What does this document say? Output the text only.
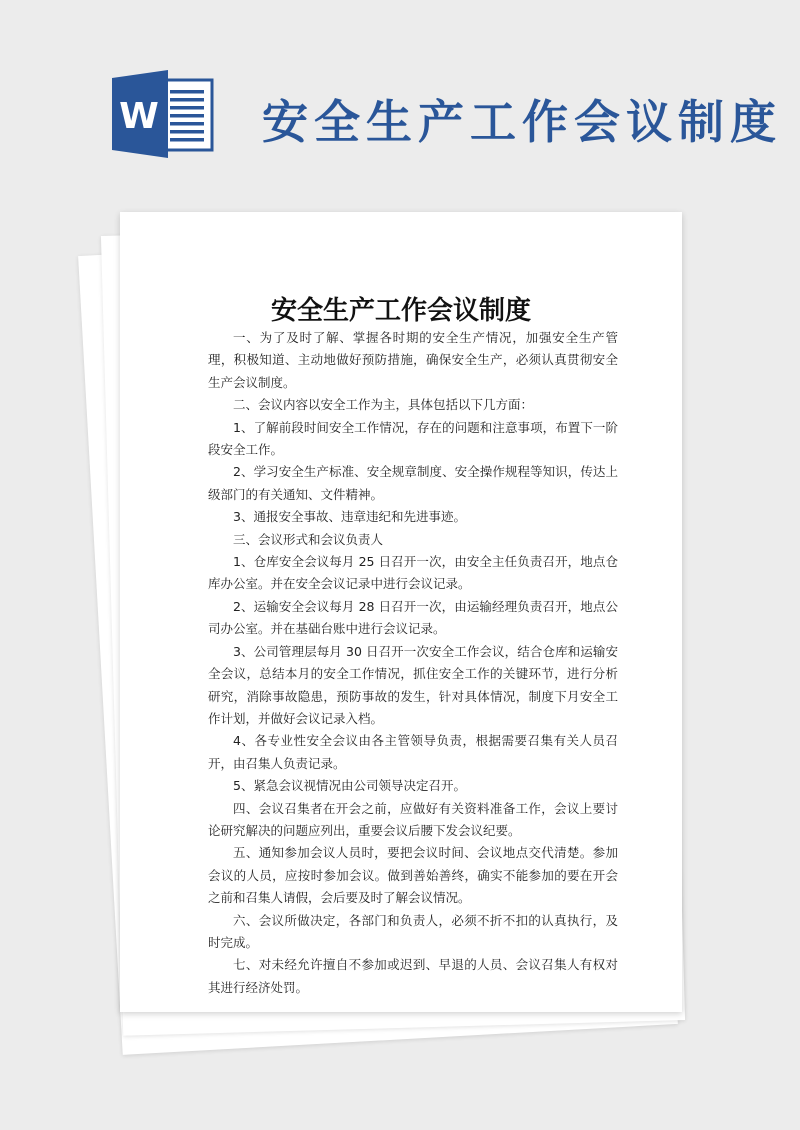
W 安全生产工作会议制度
安全生产工作会议制度

一、为了及时了解、掌握各时期的安全生产情况，加强安全生产管理，积极知道、主动地做好预防措施，确保安全生产，必须认真贯彻安全生产会议制度。

二、会议内容以安全工作为主，具体包括以下几方面：

1、了解前段时间安全工作情况，存在的问题和注意事项，布置下一阶段安全工作。

2、学习安全生产标准、安全规章制度、安全操作规程等知识，传达上级部门的有关通知、文件精神。

3、通报安全事故、违章违纪和先进事迹。

三、会议形式和会议负责人

1、仓库安全会议每月 25 日召开一次，由安全主任负责召开，地点仓库办公室。并在安全会议记录中进行会议记录。

2、运输安全会议每月 28 日召开一次，由运输经理负责召开，地点公司办公室。并在基础台账中进行会议记录。

3、公司管理层每月 30 日召开一次安全工作会议，结合仓库和运输安全会议，总结本月的安全工作情况，抓住安全工作的关键环节，进行分析研究，消除事故隐患，预防事故的发生，针对具体情况，制度下月安全工作计划，并做好会议记录入档。

4、各专业性安全会议由各主管领导负责，根据需要召集有关人员召开，由召集人负责记录。

5、紧急会议视情况由公司领导决定召开。

四、会议召集者在开会之前，应做好有关资料准备工作，会议上要讨论研究解决的问题应列出，重要会议后腰下发会议纪要。

五、通知参加会议人员时，要把会议时间、会议地点交代清楚。参加会议的人员，应按时参加会议。做到善始善终，确实不能参加的要在开会之前和召集人请假，会后要及时了解会议情况。

六、会议所做决定，各部门和负责人，必须不折不扣的认真执行，及时完成。

七、对未经允许擅自不参加或迟到、早退的人员、会议召集人有权对其进行经济处罚。
